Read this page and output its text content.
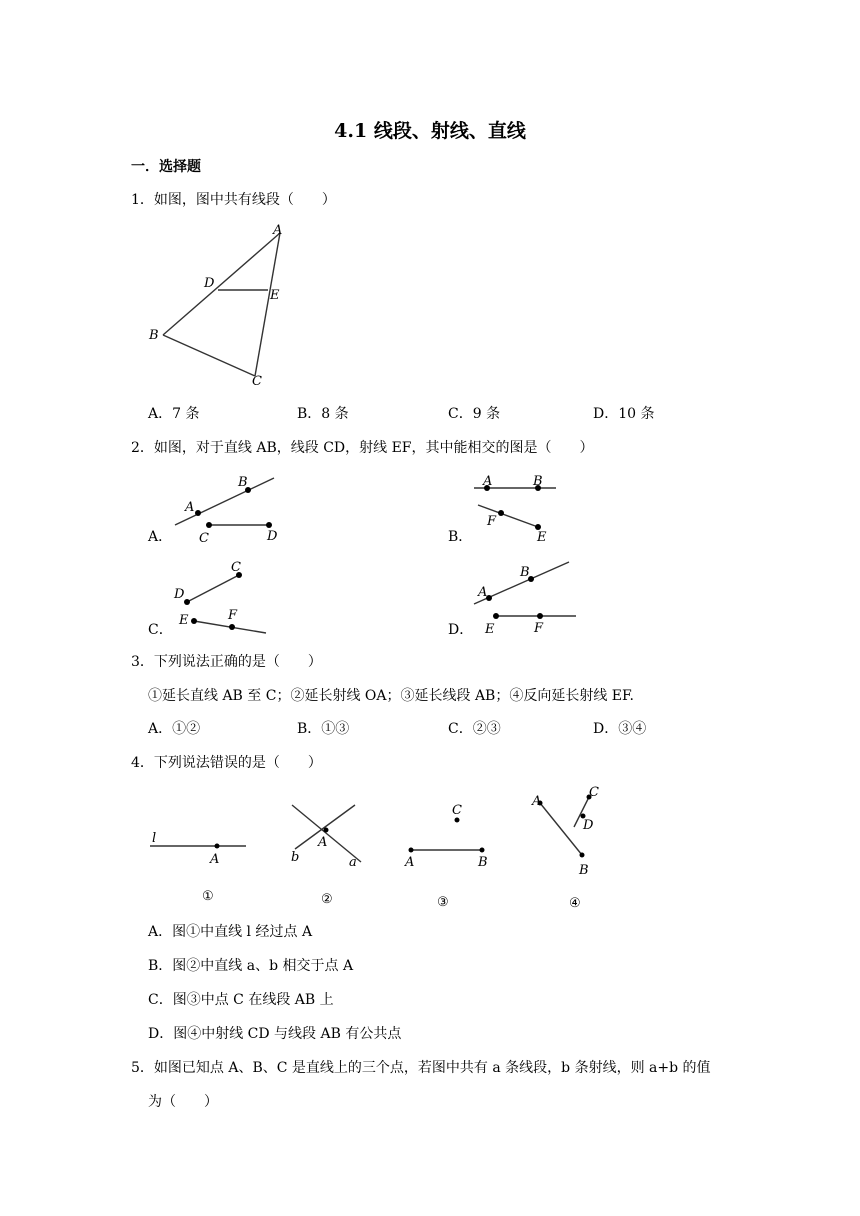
4.1 线段、射线、直线
一．选择题
1．如图，图中共有线段（　　）
A
B
C
D
E
A．7 条	B．8 条	C．9 条	D．10 条
2．如图，对于直线 AB，线段 CD，射线 EF，其中能相交的图是（　　）
A．
A
B
C	D	B．
A	B
F
E
C．
C
D
E	F
D．
A
B
E	F
3．下列说法正确的是（　　）
①延长直线 AB 至 C；②延长射线 OA；③延长线段 AB；④反向延长射线 EF.
A．①②	B．①③	C．②③	D．③④
4．下列说法错误的是（　　）
l
A
①
A
b	a
②
C
A	B
③
A
C
D
B
④
A．图①中直线 l 经过点 A
B．图②中直线 a、b 相交于点 A
C．图③中点 C 在线段 AB 上
D．图④中射线 CD 与线段 AB 有公共点
5．如图已知点 A、B、C 是直线上的三个点，若图中共有 a 条线段，b 条射线，则 a+b 的值
为（　　）
